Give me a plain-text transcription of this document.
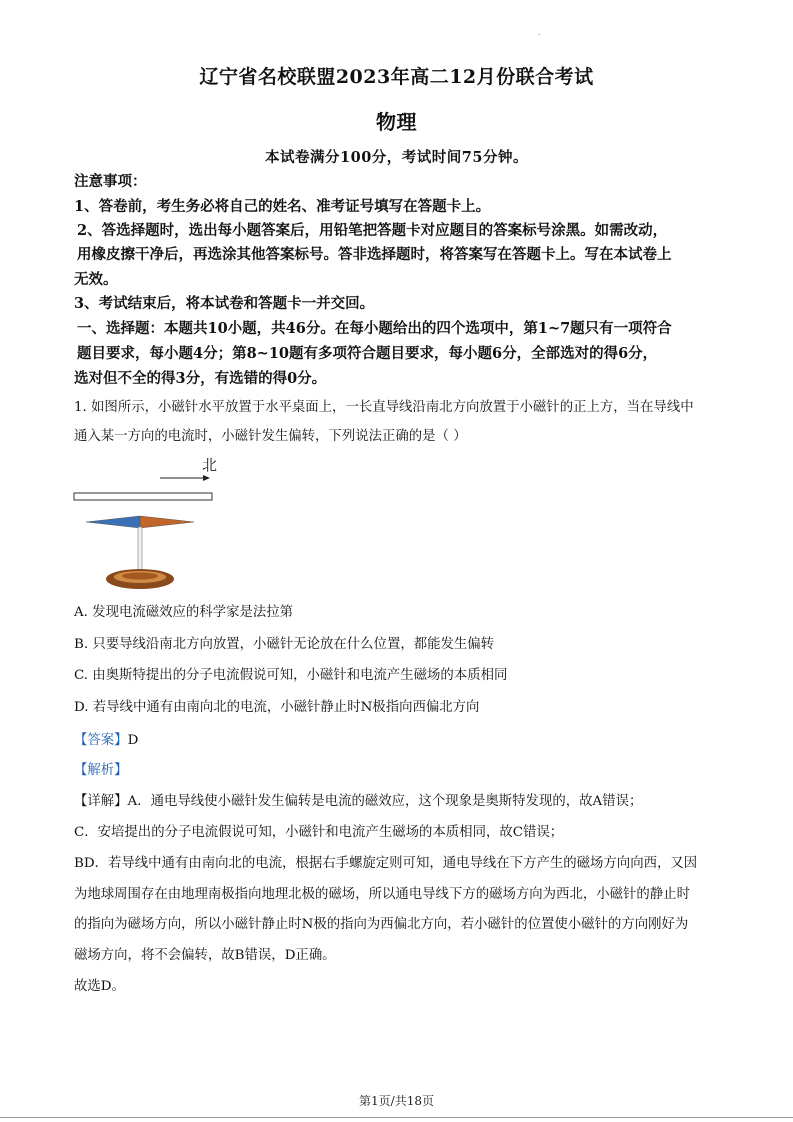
.
辽宁省名校联盟2023年高二12月份联合考试
物理
本试卷满分100分，考试时间75分钟。
注意事项：
1、答卷前，考生务必将自己的姓名、准考证号填写在答题卡上。
2、答选择题时，选出每小题答案后，用铅笔把答题卡对应题目的答案标号涂黑。如需改动，
用橡皮擦干净后，再选涂其他答案标号。答非选择题时，将答案写在答题卡上。写在本试卷上
无效。
3、考试结束后，将本试卷和答题卡一并交回。
一、选择题：本题共10小题，共46分。在每小题给出的四个选项中，第1~7题只有一项符合
题目要求，每小题4分；第8~10题有多项符合题目要求，每小题6分，全部选对的得6分，
选对但不全的得3分，有选错的得0分。
1. 如图所示，小磁针水平放置于水平桌面上，一长直导线沿南北方向放置于小磁针的正上方，当在导线中
通入某一方向的电流时，小磁针发生偏转，下列说法正确的是（ ）
北
A. 发现电流磁效应的科学家是法拉第
B. 只要导线沿南北方向放置，小磁针无论放在什么位置，都能发生偏转
C. 由奥斯特提出的分子电流假说可知，小磁针和电流产生磁场的本质相同
D. 若导线中通有由南向北的电流，小磁针静止时N极指向西偏北方向
【答案】D
【解析】
【详解】A．通电导线使小磁针发生偏转是电流的磁效应，这个现象是奥斯特发现的，故A错误；
C．安培提出的分子电流假说可知，小磁针和电流产生磁场的本质相同，故C错误；
BD．若导线中通有由南向北的电流，根据右手螺旋定则可知，通电导线在下方产生的磁场方向向西，又因
为地球周围存在由地理南极指向地理北极的磁场，所以通电导线下方的磁场方向为西北，小磁针的静止时
的指向为磁场方向，所以小磁针静止时N极的指向为西偏北方向，若小磁针的位置使小磁针的方向刚好为
磁场方向，将不会偏转，故B错误，D正确。
故选D。
第1页/共18页
